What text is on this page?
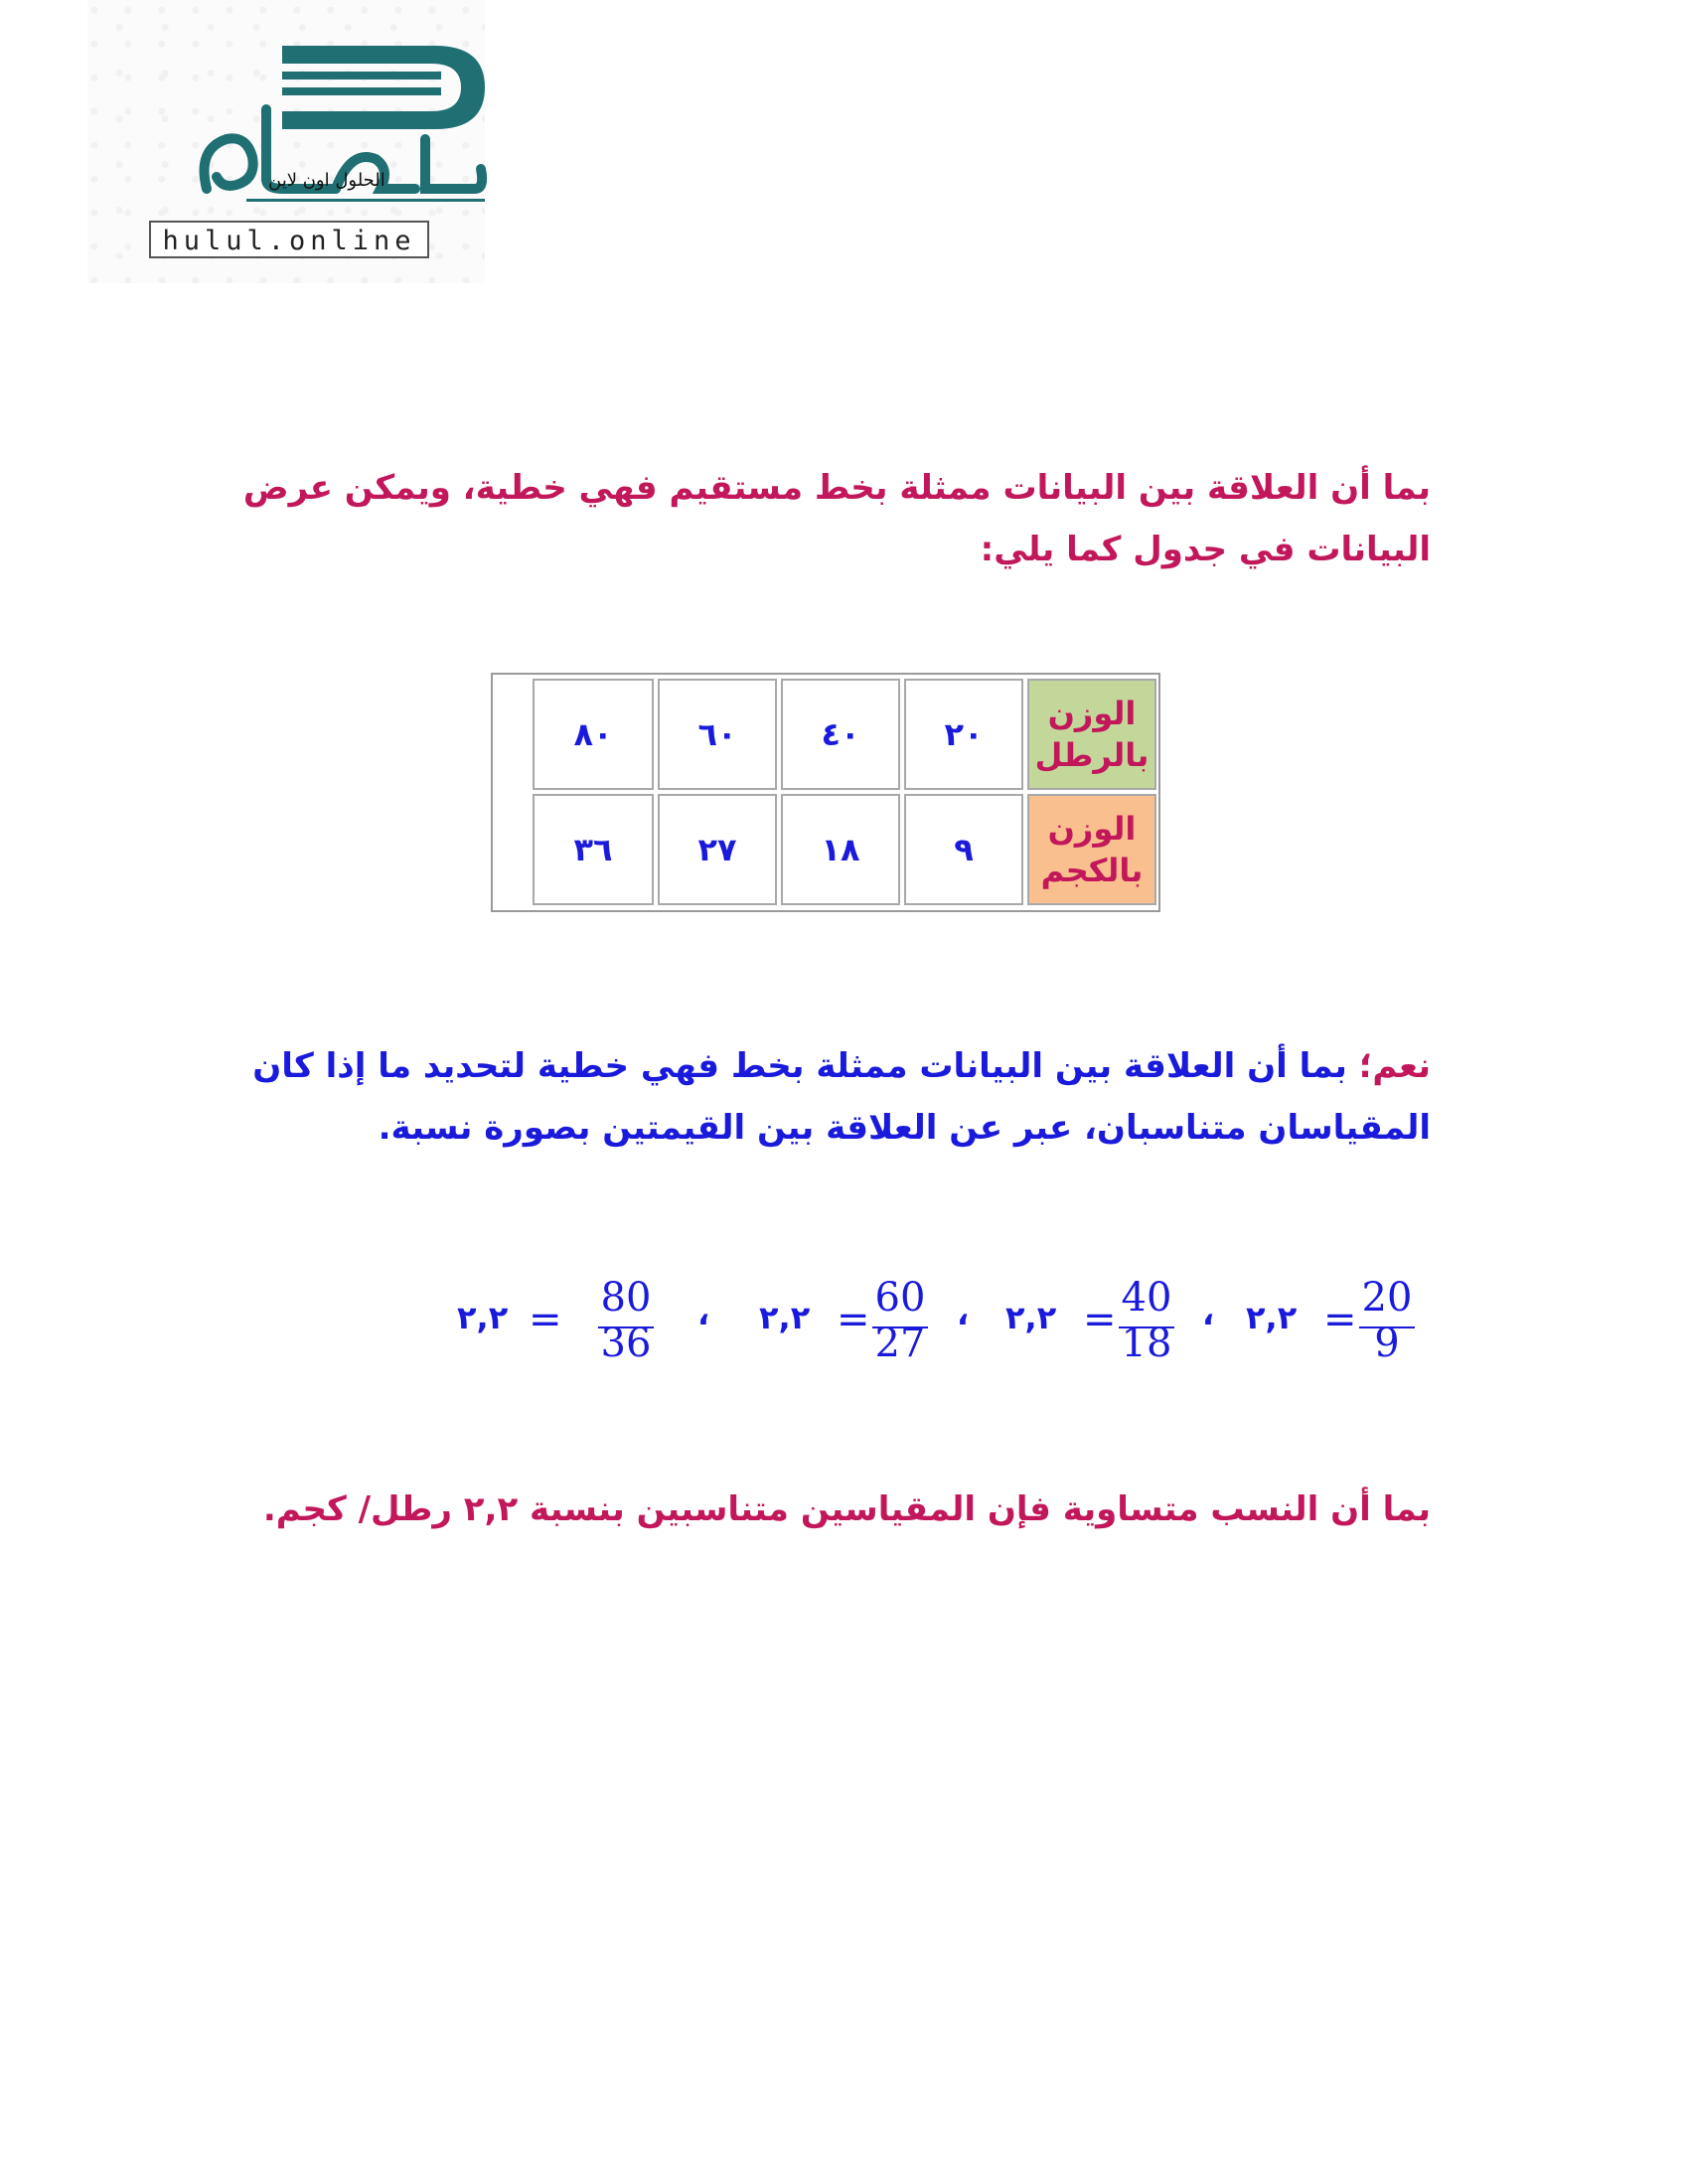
الحلول اون لاين
hulul.online
بما أن العلاقة بين البيانات ممثلة بخط مستقيم فهي خطية، ويمكن عرض البيانات في جدول كما يلي:
الوزن
بالرطل
٢٠
٤٠
٦٠
٨٠
الوزن
بالكجم
٩
١٨
٢٧
٣٦
نعم؛ بما أن العلاقة بين البيانات ممثلة بخط فهي خطية لتحديد ما إذا كان المقياسان متناسبان، عبر عن العلاقة بين القيمتين بصورة نسبة.
20
9
=
٢,٢
،
40
18
=
٢,٢
،
60
27
=
٢,٢
،
80
36
=
٢,٢
بما أن النسب متساوية فإن المقياسين متناسبين بنسبة ٢,٢ رطل/ كجم.
